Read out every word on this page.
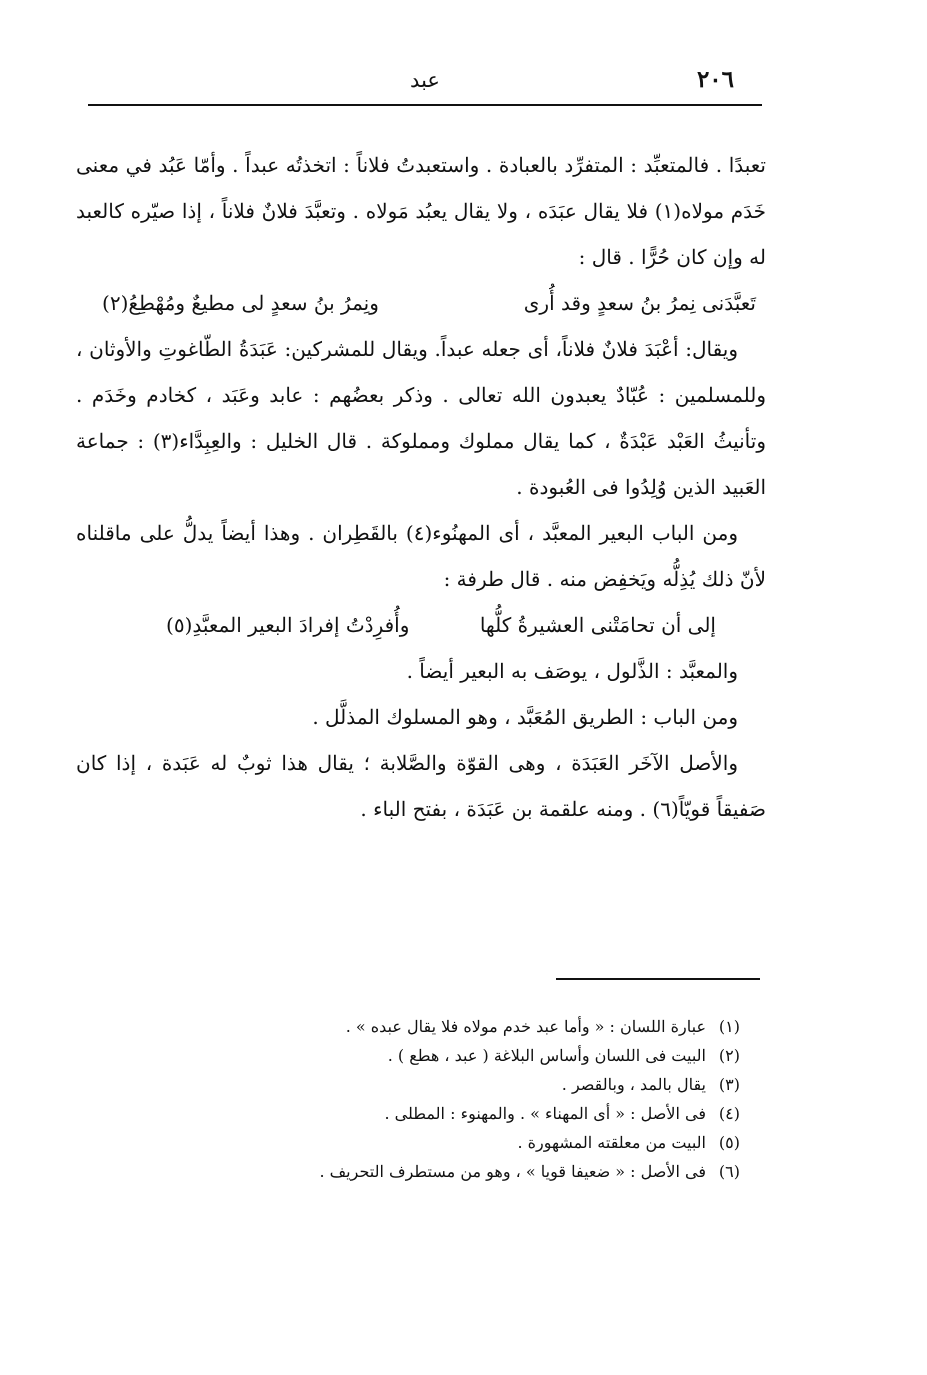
٢٠٦
عبد

تعبدًا . فالمتعبِّد : المتفرِّد بالعبادة . واستعبدتُ فلاناً : اتخذتُه عبداً . وأمّا عَبُد في معنى خَدَم مولاه(١) فلا يقال عبَدَه ، ولا يقال يعبُد مَولاه . وتعبَّدَ فلانٌ فلاناً ، إذا صيّره كالعبد له وإن كان حُرًّا . قال :

تَعبَّدَنى نِمرُ بنُ سعدٍ وقد أُرى
ونِمرُ بنُ سعدٍ لى مطيعٌ ومُهْطِعُ(٢)

ويقال: أعْبَدَ فلانٌ فلاناً، أى جعله عبداً. ويقال للمشركين: عَبَدَةُ الطّاغوتِ والأوثان ، وللمسلمين : عُبّادٌ يعبدون الله تعالى . وذكر بعضُهم : عابد وعَبَد ، كخادم وخَدَم . وتأنيثُ العَبْد عَبْدَةٌ ، كما يقال مملوك ومملوكة . قال الخليل : والعِبِدَّاء(٣) : جماعة العَبيد الذين وُلِدُوا فى العُبودة .

ومن الباب البعير المعبَّد ، أى المهنُوء(٤) بالقَطِران . وهذا أيضاً يدلُّ على ماقلناه لأنّ ذلك يُذِلُّه ويَخفِض منه . قال طرفة :

إلى أن تحامَتْنى العشيرةُ كلُّها
وأُفرِدْتُ إفرادَ البعير المعبَّدِ(٥)

والمعبَّد : الذَّلول ، يوصَف به البعير أيضاً .

ومن الباب : الطريق المُعَبَّد ، وهو المسلوك المذلَّل .

والأصل الآخَر العَبَدَة ، وهى القوّة والصَّلابة ؛ يقال هذا ثوبٌ له عَبَدة ، إذا كان صَفيقاً قويّاً(٦) . ومنه علقمة بن عَبَدَة ، بفتح الباء .

(١)عبارة اللسان : « وأما عبد خدم مولاه فلا يقال عبده » .
(٢)البيت فى اللسان وأساس البلاغة ( عبد ، هطع ) .
(٣)يقال بالمد ، وبالقصر .
(٤)فى الأصل : « أى المهناء » . والمهنوء : المطلى .
(٥)البيت من معلقته المشهورة .
(٦)فى الأصل : « ضعيفا قويا » ، وهو من مستطرف التحريف .
